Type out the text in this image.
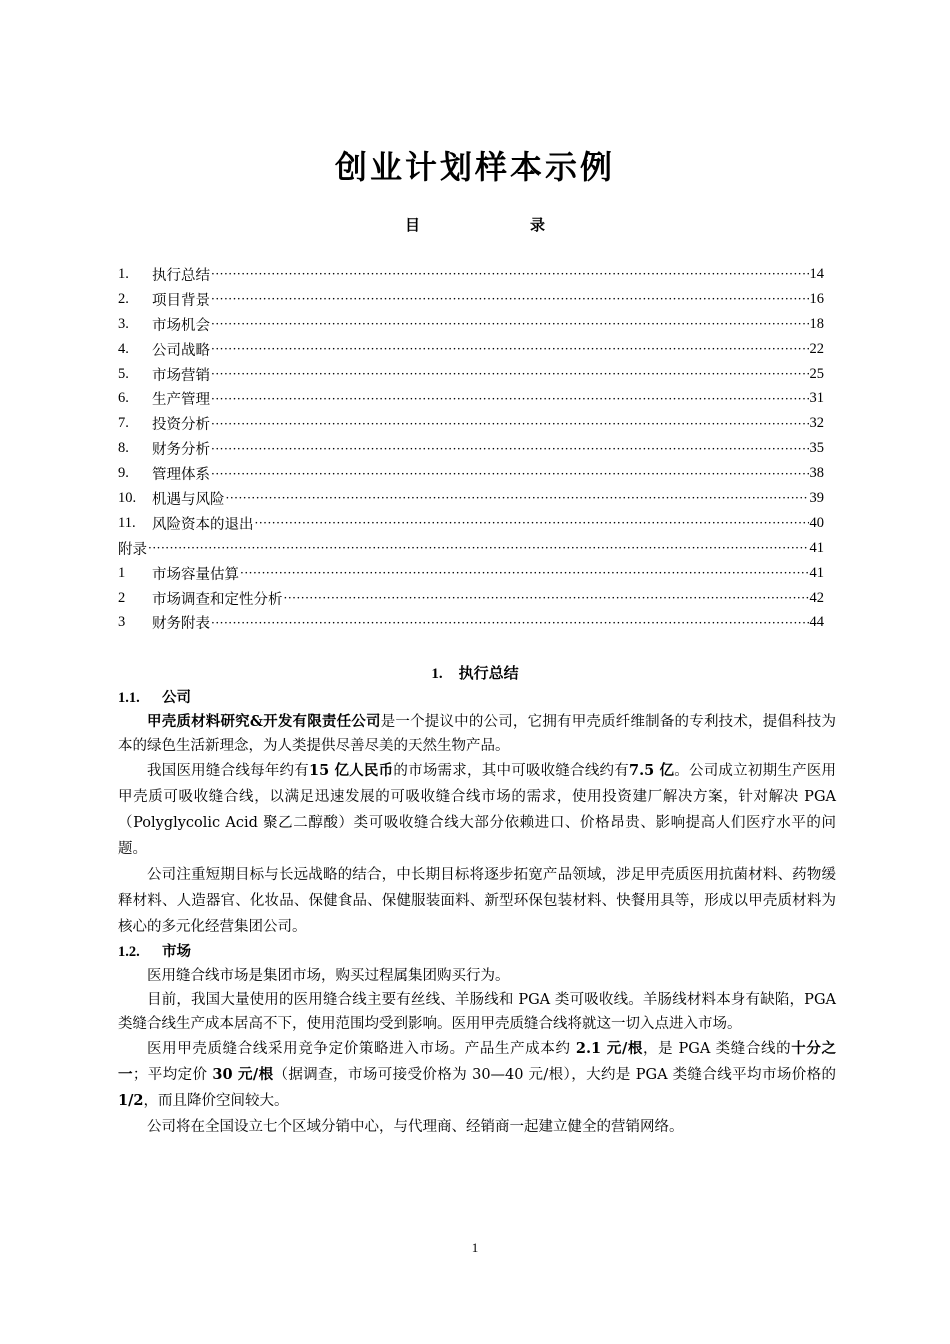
创业计划样本示例
目	录
1.	执行总结 ·····	14
2.	项目背景 ·····	16
3.	市场机会 ·····	18
4.	公司战略 ·····	22
5.	市场营销 ·····	25
6.	生产管理 ·····	31
7.	投资分析 ·····	32
8.	财务分析 ·····	35
9.	管理体系 ·····	38
10.	机遇与风险 ·····	39
11.	风险资本的退出 ·····	40
附录 ·····	41
1	市场容量估算 ·····	41
2	市场调查和定性分析 ·····	42
3	财务附表 ·····	44
1. 执行总结
1.1. 公司

甲壳质材料研究&开发有限责任公司是一个提议中的公司，它拥有甲壳质纤维制备的专利技术，提倡科技为本的绿色生活新理念，为人类提供尽善尽美的天然生物产品。

我国医用缝合线每年约有15 亿人民币的市场需求，其中可吸收缝合线约有7.5 亿。公司成立初期生产医用甲壳质可吸收缝合线，以满足迅速发展的可吸收缝合线市场的需求，使用投资建厂解决方案，针对解决 PGA（Polyglycolic Acid 聚乙二醇酸）类可吸收缝合线大部分依赖进口、价格昂贵、影响提高人们医疗水平的问题。

公司注重短期目标与长远战略的结合，中长期目标将逐步拓宽产品领域，涉足甲壳质医用抗菌材料、药物缓释材料、人造器官、化妆品、保健食品、保健服装面料、新型环保包装材料、快餐用具等，形成以甲壳质材料为核心的多元化经营集团公司。

1.2. 市场

医用缝合线市场是集团市场，购买过程属集团购买行为。

目前，我国大量使用的医用缝合线主要有丝线、羊肠线和 PGA 类可吸收线。羊肠线材料本身有缺陷，PGA 类缝合线生产成本居高不下，使用范围均受到影响。医用甲壳质缝合线将就这一切入点进入市场。

医用甲壳质缝合线采用竞争定价策略进入市场。产品生产成本约 2.1 元/根，是 PGA 类缝合线的十分之一；平均定价 30 元/根（据调查，市场可接受价格为 30—40 元/根），大约是 PGA 类缝合线平均市场价格的 1/2，而且降价空间较大。

公司将在全国设立七个区域分销中心，与代理商、经销商一起建立健全的营销网络。

1
